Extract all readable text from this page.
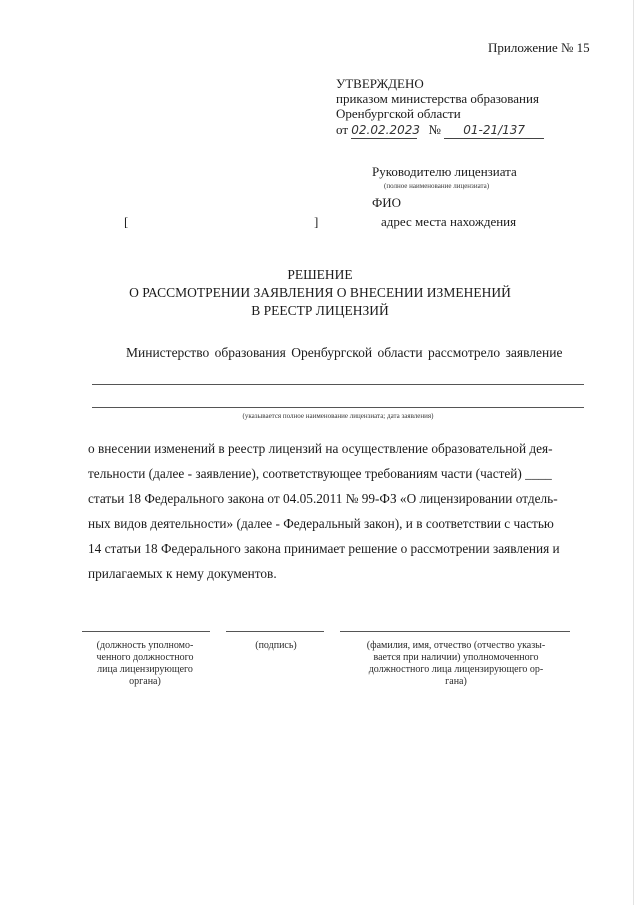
Приложение № 15
УТВЕРЖДЕНО
приказом министерства образования
Оренбургской области
от 02.02.2023 № 01-21/137
Руководителю лицензиата
(полное наименование лицензиата)
ФИО
[	]	адрес места нахождения
РЕШЕНИЕ
О РАССМОТРЕНИИ ЗАЯВЛЕНИЯ О ВНЕСЕНИИ ИЗМЕНЕНИЙ
В РЕЕСТР ЛИЦЕНЗИЙ
Министерство образования Оренбургской области рассмотрело заявление
(указывается полное наименование лицензиата; дата заявления)
о внесении изменений в реестр лицензий на осуществление образовательной дея-
тельности (далее - заявление), соответствующее требованиям части (частей) ____
статьи 18 Федерального закона от 04.05.2011 № 99-ФЗ «О лицензировании отдель-
ных видов деятельности» (далее - Федеральный закон), и в соответствии с частью
14 статьи 18 Федерального закона принимает решение о рассмотрении заявления и
прилагаемых к нему документов.
(должность уполномо-
ченного должностного
лица лицензирующего
органа)
(подпись)	(фамилия, имя, отчество (отчество указы-
вается при наличии) уполномоченного
должностного лица лицензирующего ор-
гана)
